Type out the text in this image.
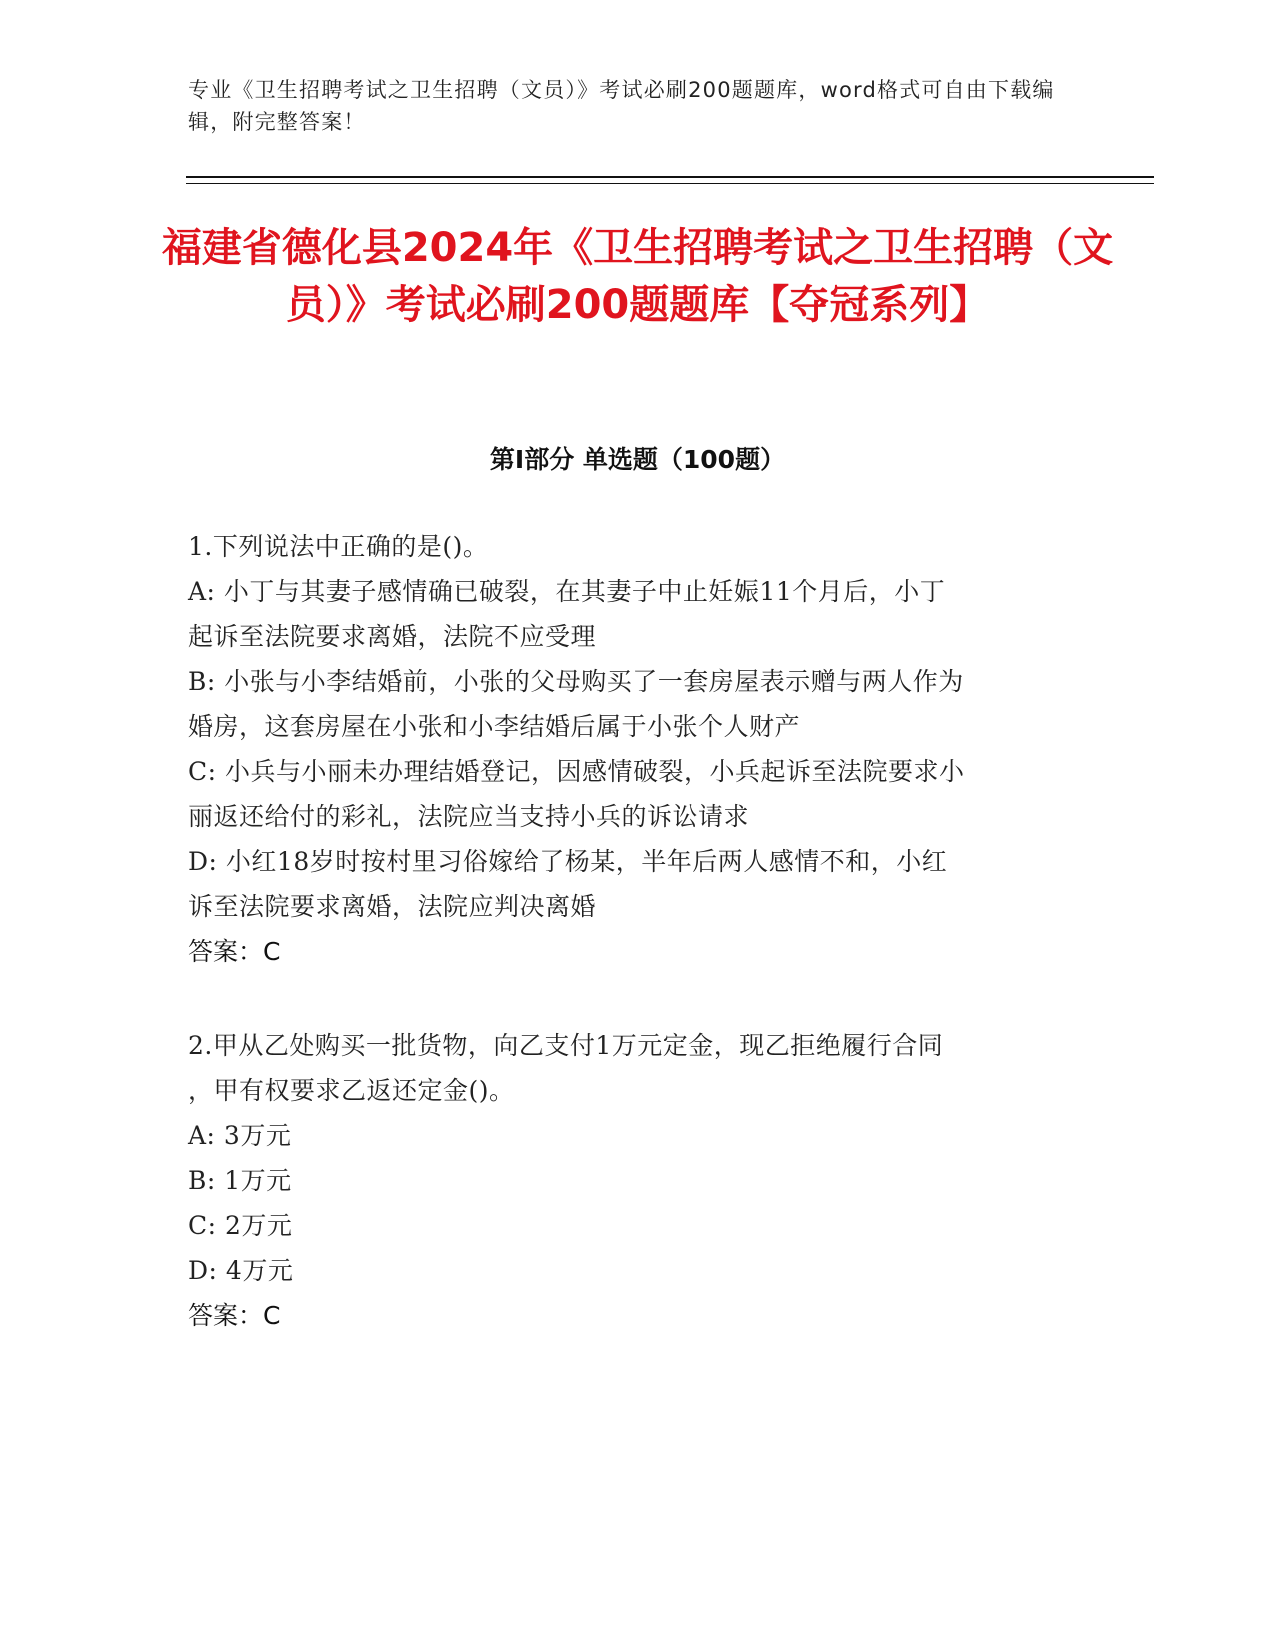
专业《卫生招聘考试之卫生招聘（文员）》考试必刷200题题库，word格式可自由下载编辑，附完整答案！
福建省德化县2024年《卫生招聘考试之卫生招聘（文员）》考试必刷200题题库【夺冠系列】
第Ⅰ部分 单选题（100题）
1.下列说法中正确的是()。
A: 小丁与其妻子感情确已破裂，在其妻子中止妊娠11个月后，小丁
起诉至法院要求离婚，法院不应受理
B: 小张与小李结婚前，小张的父母购买了一套房屋表示赠与两人作为
婚房，这套房屋在小张和小李结婚后属于小张个人财产
C: 小兵与小丽未办理结婚登记，因感情破裂，小兵起诉至法院要求小
丽返还给付的彩礼，法院应当支持小兵的诉讼请求
D: 小红18岁时按村里习俗嫁给了杨某，半年后两人感情不和，小红
诉至法院要求离婚，法院应判决离婚
答案：C
2.甲从乙处购买一批货物，向乙支付1万元定金，现乙拒绝履行合同
，甲有权要求乙返还定金()。
A: 3万元
B: 1万元
C: 2万元
D: 4万元
答案：C
